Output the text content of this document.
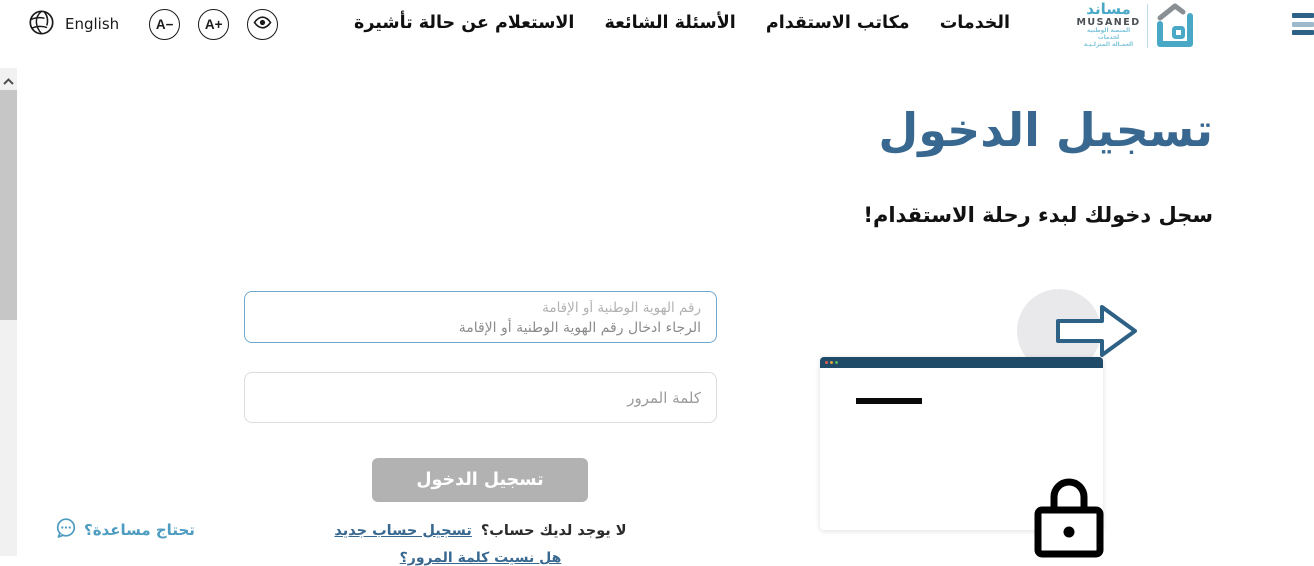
English	A−	A+	الخدمات
مكاتب الاستقدام
الأسئلة الشائعة
الاستعلام عن حالة تأشيرة
مساند
MUSANED
المنصة الوطنية لخدمات
العمـالة المنزلـيـة
تسجيل الدخول
سجل دخولك لبدء رحلة الاستقدام!
رقم الهوية الوطنية أو الإقامة
الرجاء ادخال رقم الهوية الوطنية أو الإقامة
كلمة المرور
تسجيل الدخول
لا يوجد لديك حساب؟
تسجيل حساب جديد
هل نسيت كلمة المرور؟
تحتاج مساعدة؟
